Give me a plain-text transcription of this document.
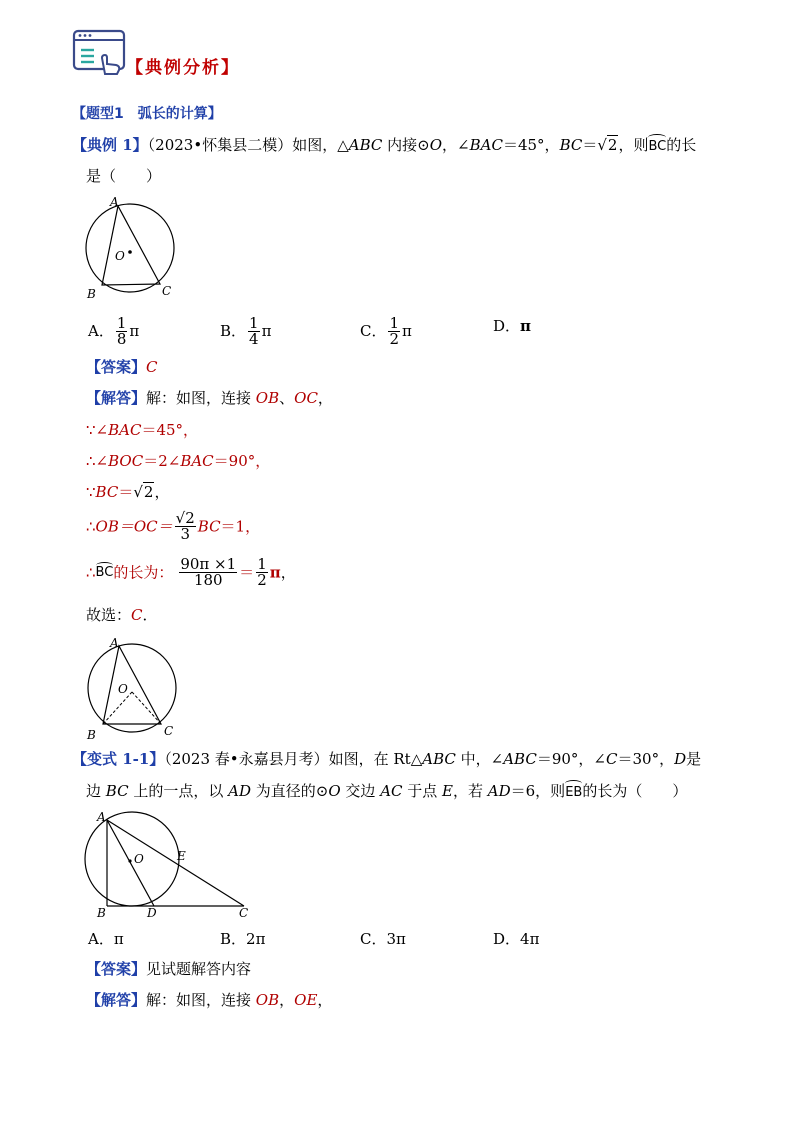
【典例分析】
【题型1　弧长的计算】
【典例 1】（2023•怀集县二模）如图，△ABC 内接⊙O，∠BAC＝45°，BC＝√2，则BC的长
是（　　）
A
O
B	C
A． $\frac{1}{8}$ π	B． $\frac{1}{4}$ π	C． $\frac{1}{2}$ π	D．π
【答案】C
【解答】解：如图，连接 OB、OC，
∵∠BAC＝45°，
∴∠BOC＝2∠BAC＝90°，
∵BC＝√2，
∴OB＝OC＝ $\frac{√2}{3} BC=1$，
∴BC的长为： $\frac{90\pi \times 1}{180} = \frac{1}{2}$ π，
故选：C．
A
O
B	C
【变式 1-1】（2023 春•永嘉县月考）如图，在 Rt△ABC 中，∠ABC＝90°，∠C＝30°，D是
边 BC 上的一点，以 AD 为直径的⊙O 交边 AC 于点 E，若 AD＝6，则EB的长为（　　）
A
O	E
B	D	C
A．π	B．2π	C．3π	D．4π
【答案】见试题解答内容
【解答】解：如图，连接 OB，OE，
